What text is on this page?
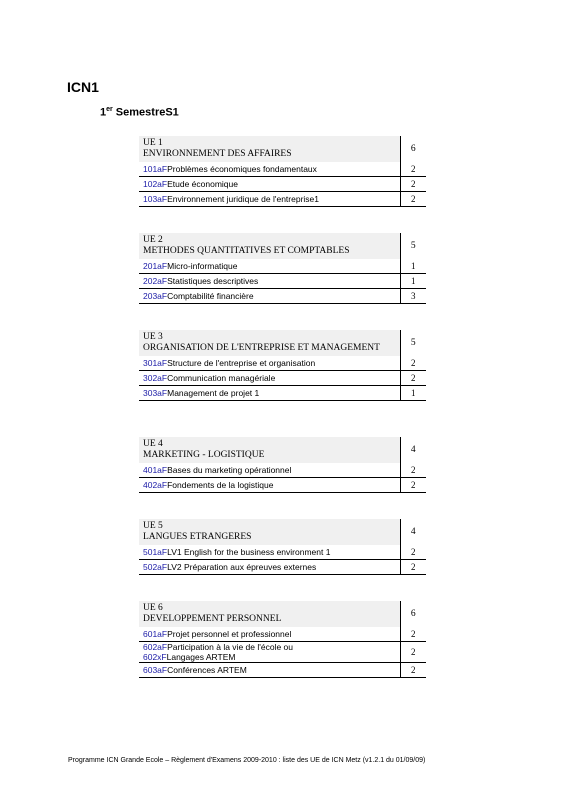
ICN1
1er SemestreS1
UE 1
ENVIRONNEMENT DES AFFAIRES	6

101aFProblèmes économiques fondamentaux	2

102aFEtude économique	2

103aFEnvironnement juridique de l'entreprise1	2
UE 2
METHODES QUANTITATIVES ET COMPTABLES	5

201aFMicro-informatique	1

202aFStatistiques descriptives	1

203aFComptabilité financière	3
UE 3
ORGANISATION DE L'ENTREPRISE ET MANAGEMENT	5

301aFStructure de l'entreprise et organisation	2

302aFCommunication managériale	2

303aFManagement de projet 1	1
UE 4
MARKETING - LOGISTIQUE	4

401aFBases du marketing opérationnel	2

402aFFondements de la logistique	2
UE 5
LANGUES ETRANGERES	4

501aFLV1 English for the business environment 1	2

502aFLV2 Préparation aux épreuves externes	2
UE 6
DEVELOPPEMENT PERSONNEL	6

601aFProjet personnel et professionnel	2

602aFParticipation à la vie de l'école ou
602xFLangages ARTEM	2

603aFConférences ARTEM	2
Programme ICN Grande Ecole – Règlement d'Examens 2009-2010 : liste des UE de ICN Metz (v1.2.1 du 01/09/09)
